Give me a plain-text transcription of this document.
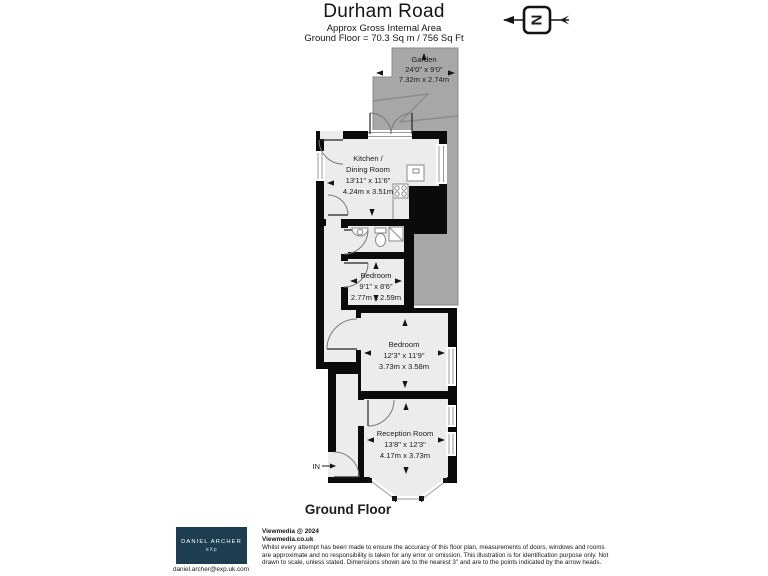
Durham Road
Approx Gross Internal Area
Ground Floor = 70.3 Sq m / 756 Sq Ft
N
IN
Garden
24'0" x 9'0"
7.32m x 2.74m
Kitchen /
Dining Room
13'11" x 11'6"
4.24m x 3.51m
Bedroom
9'1" x 8'6"
2.77m x 2.59m
Bedroom
12'3" x 11'9"
3.73m x 3.58m
Reception Room
13'8" x 12'3"
4.17m x 3.73m
Ground Floor
DANIEL ARCHER
eXp
daniel.archer@exp.uk.com
Viewmedia @ 2024
Viewmedia.co.uk
Whilst every attempt has been made to ensure the accuracy of this floor plan, measurements of doors, windows and rooms are approximate and no responsibility is taken for any error or omission. This illustration is for identification purpose only. Not drawn to scale, unless stated. Dimensions shown are to the nearest 3" and are to the points indicated by the arrow heads.
